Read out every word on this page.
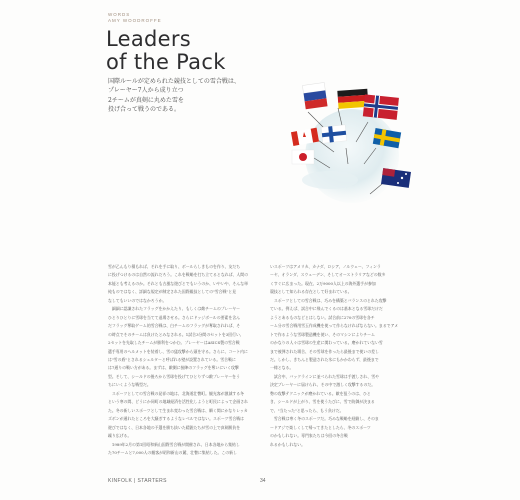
WORDS
AMY WOODROFFE
Leaders
of the Pack
国際ルールが定められた競技としての雪合戦は、
プレーヤー7人から成り立つ
2チームが真剣に丸めた雪を
投げ合って戦うのである。
雪が乙んもり積もれば、それを手に取り、ボールらしきものを作り、友だち
に投げつけるのは自然の流れだろう。これを戦略を打ち立てるとなれば、人間の
本能とも考えるのか。それとも古風な遊びとでもいうのか、いやいや、そんな単
純ものではなく、詳細な規定が制定された国際親技としての"雪合戦"と見
なしてもいいのではなかろうか。
　細細に認識されたフラッグをかかえたり、もしくは敵チームのプレーヤー
ひとりひとりに雪球を当てて退場させる。さらにドッジボールの要素を含ん
だフラッグ奪取ゲーム的雪合戦は、白チームのフラッグが奪取されれば、そ
の時点でそのチームは負けたとみなされる。1試合3分間のセットを3回行い、
2セットを先取したチームが勝利をつかむ。プレーヤーはASICS製の雪合戦
選手専用のヘルメットを装着し、雪の猛攻撃から頭を守る。さらに、コート内に
は"雪の盾"とされるシェルターと呼ばれる壁が設置されている。雪合戦に
は7通りの戦い方がある。まずは、敵側に接陣のフラッグを奪いにいく攻撃
型。そして、シールドの後ろから雪球を投げてひとりずつ敵プレーヤーをう
ちにいくような戦型だ。
　スポーツとしての雪合戦の発祥の地は、北海道壮瞥町。観光客が激減する冬
という寒の間、どうにか同町の地域経済を活性化しようと町民によって企画され
た。冬の新しいスポーツとして生まれ変わった雪合戦は、瞬く間にかなりレッカ
ズボンが通れたところを大騒ぎするようなレベルではない。スポーツ雪合戦は
遊びではなく、日本各地の予選を勝ち抜いた精鋭たちが雪の上で真剣勝負を
繰り広げる。
　1989年2月の第1回昭和新山国際雪合戦が開催され、日本各地から集結し
た70チームと7,000人の観客が昭和新山の麓、壮瞥に集結した。この新し
いスポーツはアメリカ、カナダ、ロシア、ノルウェー、フィンラ
ーヤ、オランダ、スウェーデン、そしてオーストラリアなどの数多
くすぐに広まった。現在、2万9000人以上の海外選手が参加
競技として知られる存在として好まれている。
　スポーツとしての雪合戦は、巧みを構築とバランスのとれた攻撃
ている。例えば、試合中に飛んでくるのは基本となる雪球だけだ
ようとあるものなどとはしない。試合前に270の雪球を各チ
ーム分の雪合戦用雪玉作成機を使って作らなければならない。まるでアメ
トで作るような雪球製造機を使い、そのマシンによりチーム
のかなりの人々は雪球の生産に関わっている。磨かれていない雪
まで被弾された場合、その雪球を作ったら最後まで使いの差し
だ。しかし、きちんと製造された氷にもかかわらず、最後まで
一様となる。
　試合中、バックラインに並べられた雪球は手渡しされ、雪や
決定ブレーヤーに届けられ、その中で激しく攻撃するのだ。
勢の攻撃テクニックが磨かれている。敵を狙うのは、ひと
き、シールドが上がり、雪を使うたびに、雪で防御が決まる
で、"当たった"と思ったら、もう負けだ。
　雪合戦は寒く冬のスポーツだ。巧みな戦略を経験し、そのま
ードアジで楽しくして帰ってきたとしたら、冬のスポーツ
のかもしれない。専門家たちは今回の冬合戦
れるかもしれない。
KINFOLK | STARTERS	34
